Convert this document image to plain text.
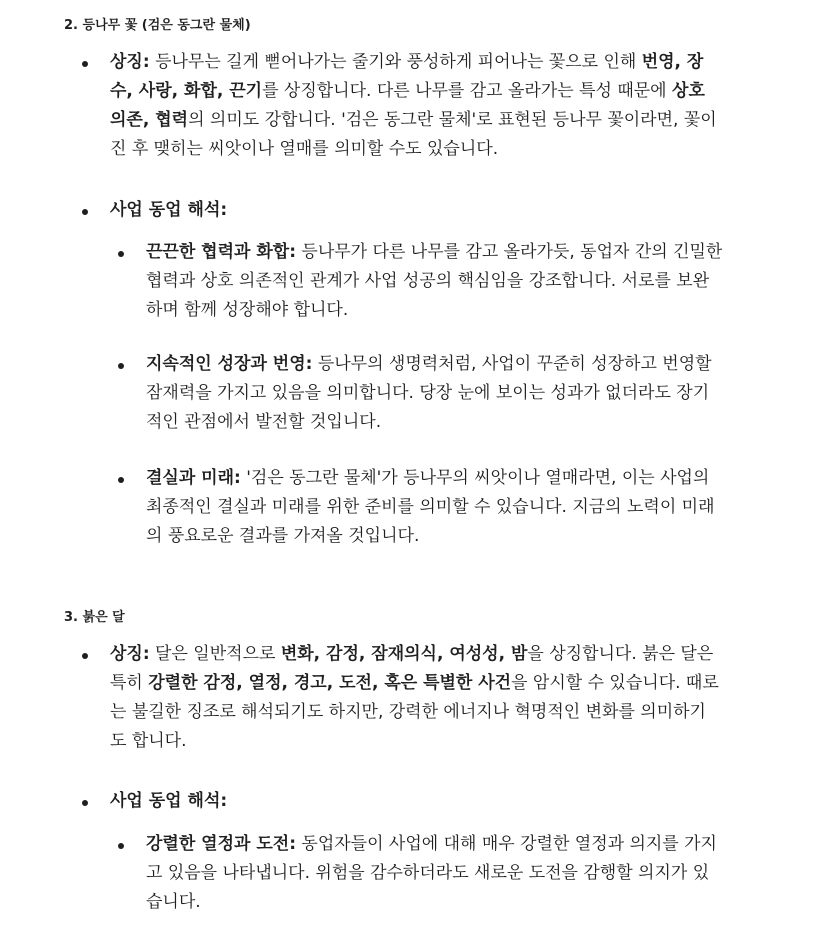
2. 등나무 꽃 (검은 동그란 물체)
상징: 등나무는 길게 뻗어나가는 줄기와 풍성하게 피어나는 꽃으로 인해 번영, 장
수, 사랑, 화합, 끈기를 상징합니다. 다른 나무를 감고 올라가는 특성 때문에 상호
의존, 협력의 의미도 강합니다. '검은 동그란 물체'로 표현된 등나무 꽃이라면, 꽃이
진 후 맺히는 씨앗이나 열매를 의미할 수도 있습니다.
사업 동업 해석:
끈끈한 협력과 화합: 등나무가 다른 나무를 감고 올라가듯, 동업자 간의 긴밀한
협력과 상호 의존적인 관계가 사업 성공의 핵심임을 강조합니다. 서로를 보완
하며 함께 성장해야 합니다.
지속적인 성장과 번영: 등나무의 생명력처럼, 사업이 꾸준히 성장하고 번영할
잠재력을 가지고 있음을 의미합니다. 당장 눈에 보이는 성과가 없더라도 장기
적인 관점에서 발전할 것입니다.
결실과 미래: '검은 동그란 물체'가 등나무의 씨앗이나 열매라면, 이는 사업의
최종적인 결실과 미래를 위한 준비를 의미할 수 있습니다. 지금의 노력이 미래
의 풍요로운 결과를 가져올 것입니다.
3. 붉은 달
상징: 달은 일반적으로 변화, 감정, 잠재의식, 여성성, 밤을 상징합니다. 붉은 달은
특히 강렬한 감정, 열정, 경고, 도전, 혹은 특별한 사건을 암시할 수 있습니다. 때로
는 불길한 징조로 해석되기도 하지만, 강력한 에너지나 혁명적인 변화를 의미하기
도 합니다.
사업 동업 해석:
강렬한 열정과 도전: 동업자들이 사업에 대해 매우 강렬한 열정과 의지를 가지
고 있음을 나타냅니다. 위험을 감수하더라도 새로운 도전을 감행할 의지가 있
습니다.
